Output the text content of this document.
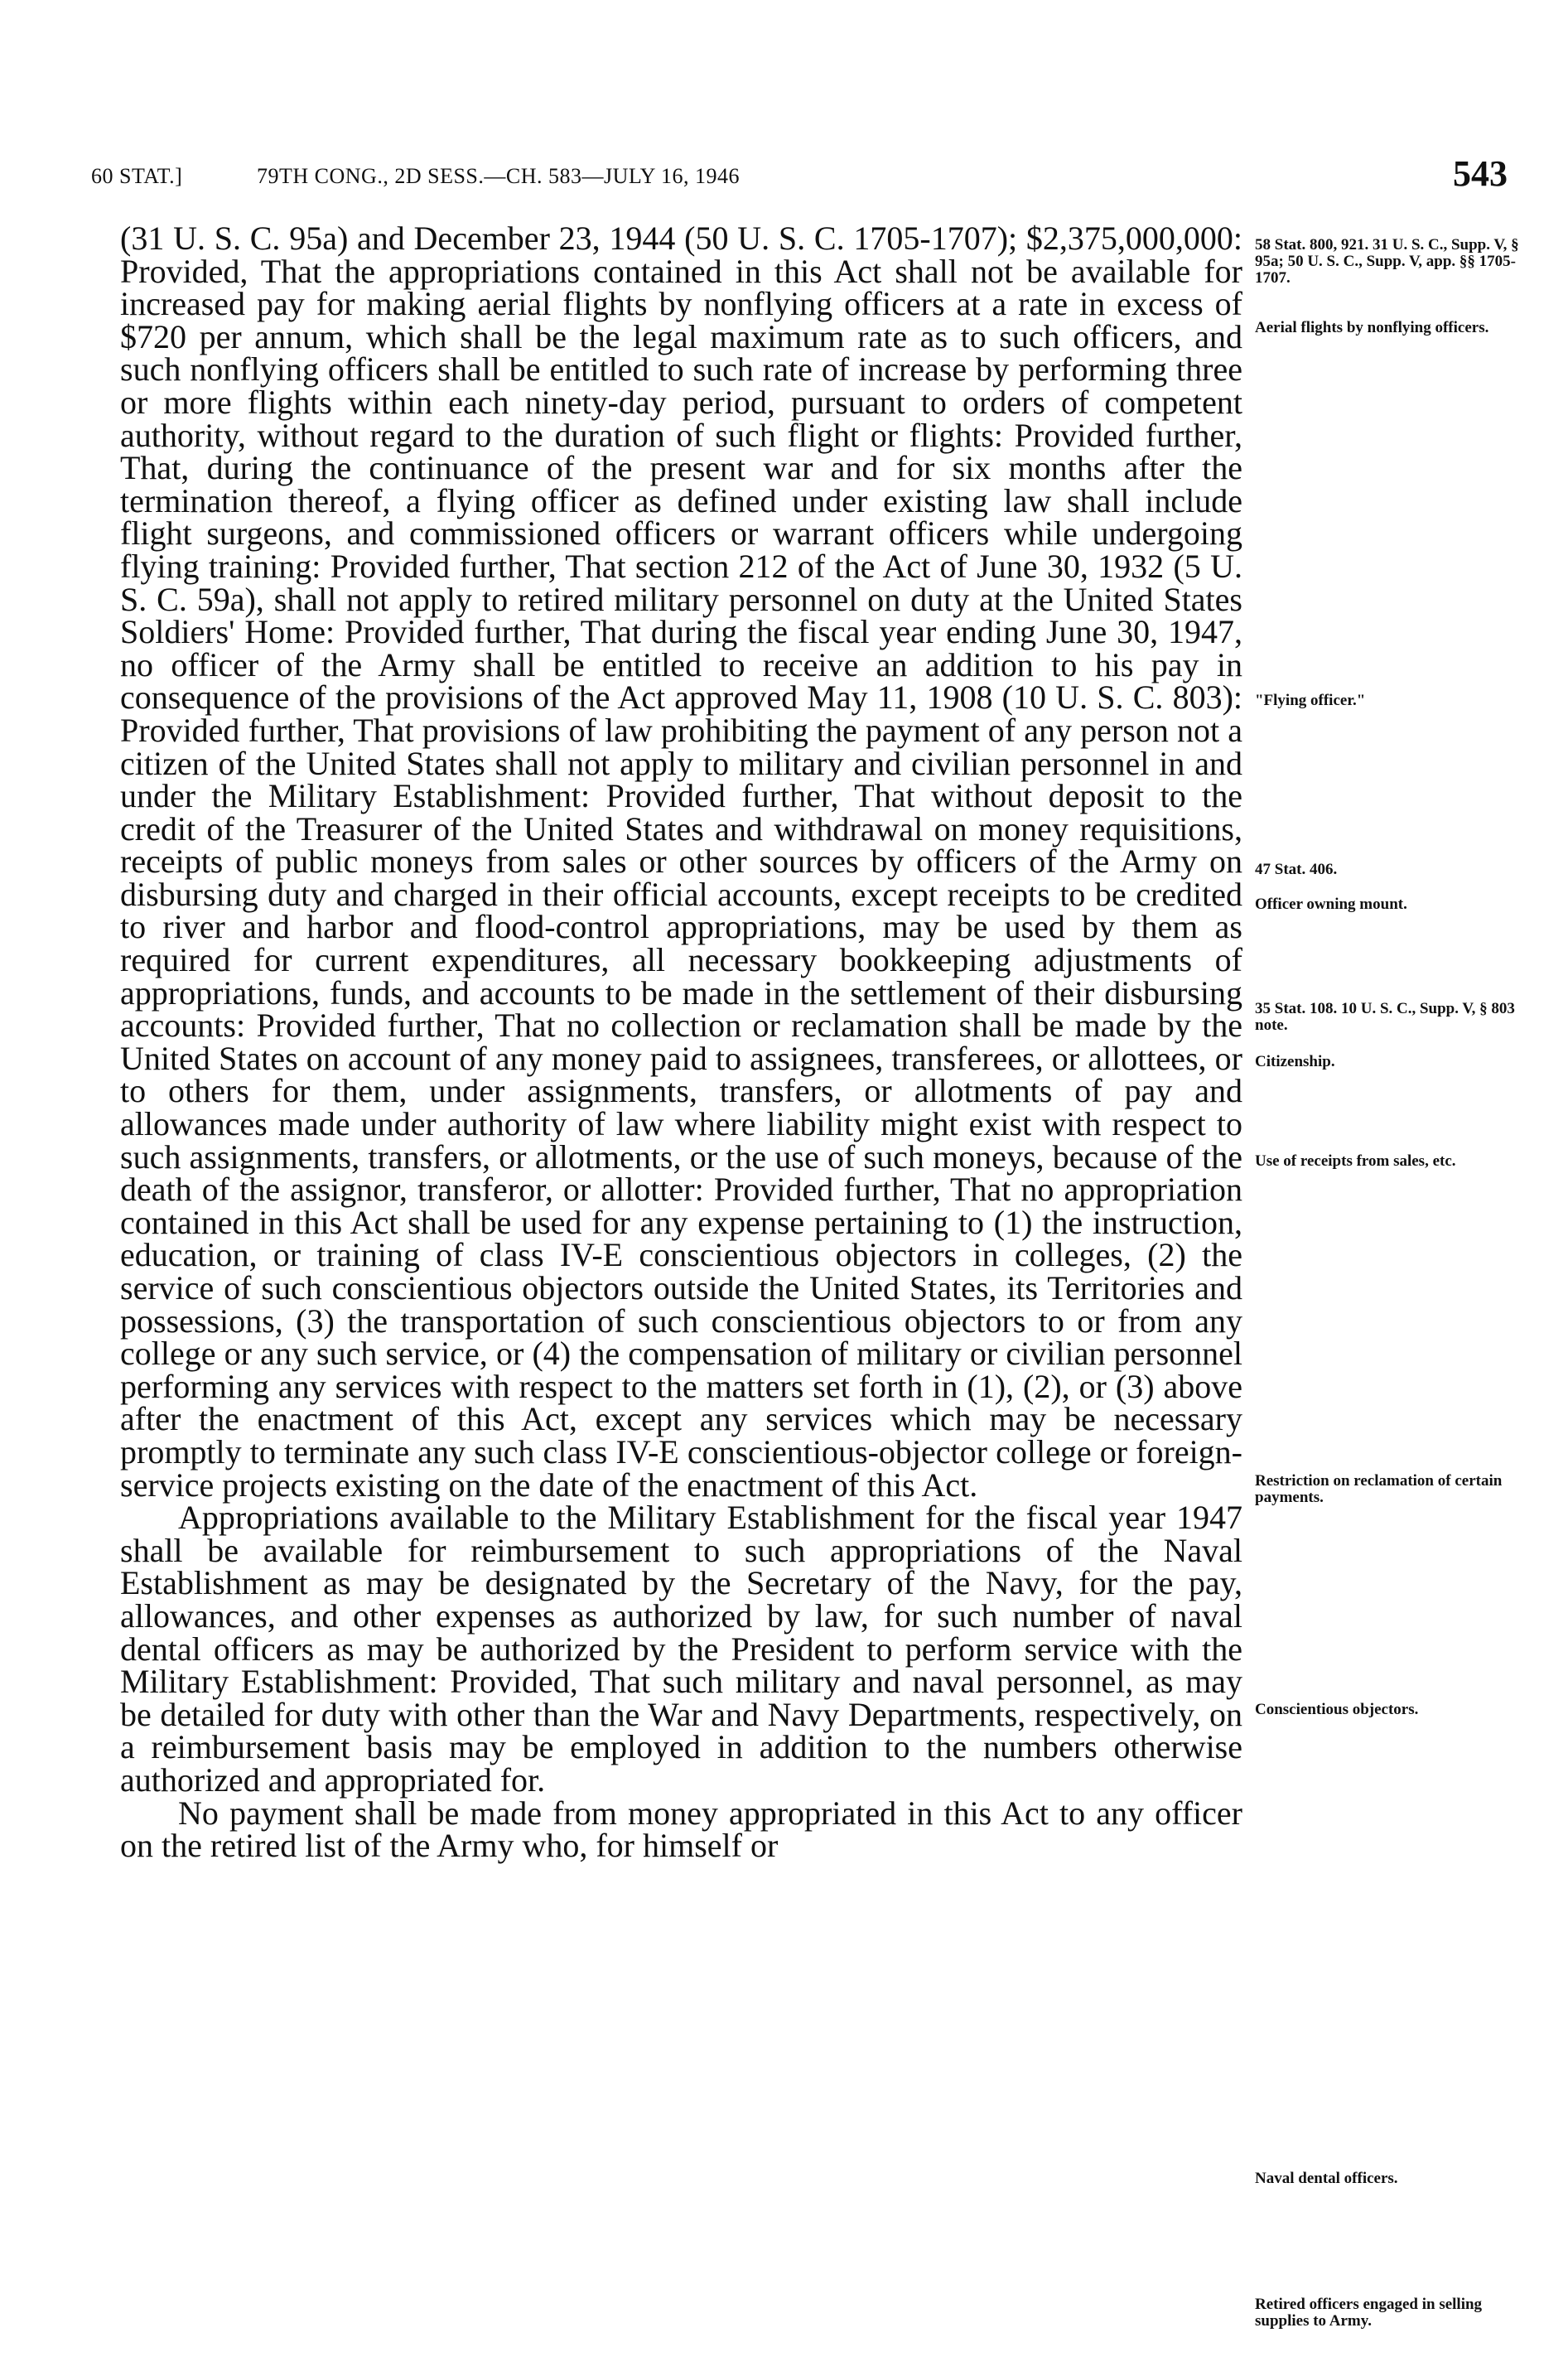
60 STAT.]	79TH CONG., 2D SESS.—CH. 583—JULY 16, 1946	543

(31 U. S. C. 95a) and December 23, 1944 (50 U. S. C. 1705-1707); $2,375,000,000: Provided, That the appropriations contained in this Act shall not be available for increased pay for making aerial flights by nonflying officers at a rate in excess of $720 per annum, which shall be the legal maximum rate as to such officers, and such nonflying officers shall be entitled to such rate of increase by performing three or more flights within each ninety-day period, pursuant to orders of competent authority, without regard to the duration of such flight or flights: Provided further, That, during the continuance of the present war and for six months after the termination thereof, a flying officer as defined under existing law shall include flight surgeons, and commissioned officers or warrant officers while undergoing flying training: Provided further, That section 212 of the Act of June 30, 1932 (5 U. S. C. 59a), shall not apply to retired military personnel on duty at the United States Soldiers' Home: Provided further, That during the fiscal year ending June 30, 1947, no officer of the Army shall be entitled to receive an addition to his pay in consequence of the provisions of the Act approved May 11, 1908 (10 U. S. C. 803): Provided further, That provisions of law prohibiting the payment of any person not a citizen of the United States shall not apply to military and civilian personnel in and under the Military Establishment: Provided further, That without deposit to the credit of the Treasurer of the United States and withdrawal on money requisitions, receipts of public moneys from sales or other sources by officers of the Army on disbursing duty and charged in their official accounts, except receipts to be credited to river and harbor and flood-control appropriations, may be used by them as required for current expenditures, all necessary bookkeeping adjustments of appropriations, funds, and accounts to be made in the settlement of their disbursing accounts: Provided further, That no collection or reclamation shall be made by the United States on account of any money paid to assignees, transferees, or allottees, or to others for them, under assignments, transfers, or allotments of pay and allowances made under authority of law where liability might exist with respect to such assignments, transfers, or allotments, or the use of such moneys, because of the death of the assignor, transferor, or allotter: Provided further, That no appropriation contained in this Act shall be used for any expense pertaining to (1) the instruction, education, or training of class IV-E conscientious objectors in colleges, (2) the service of such conscientious objectors outside the United States, its Territories and possessions, (3) the transportation of such conscientious objectors to or from any college or any such service, or (4) the compensation of military or civilian personnel performing any services with respect to the matters set forth in (1), (2), or (3) above after the enactment of this Act, except any services which may be necessary promptly to terminate any such class IV-E conscientious-objector college or foreign-service projects existing on the date of the enactment of this Act.

Appropriations available to the Military Establishment for the fiscal year 1947 shall be available for reimbursement to such appropriations of the Naval Establishment as may be designated by the Secretary of the Navy, for the pay, allowances, and other expenses as authorized by law, for such number of naval dental officers as may be authorized by the President to perform service with the Military Establishment: Provided, That such military and naval personnel, as may be detailed for duty with other than the War and Navy Departments, respectively, on a reimbursement basis may be employed in addition to the numbers otherwise authorized and appropriated for.

No payment shall be made from money appropriated in this Act to any officer on the retired list of the Army who, for himself or

58 Stat. 800, 921. 31 U. S. C., Supp. V, § 95a; 50 U. S. C., Supp. V, app. §§ 1705-1707.
Aerial flights by nonflying officers.
"Flying officer."
47 Stat. 406.
Officer owning mount.
35 Stat. 108. 10 U. S. C., Supp. V, § 803 note.
Citizenship.
Use of receipts from sales, etc.
Restriction on reclamation of certain payments.
Conscientious objectors.
Naval dental officers.
Retired officers engaged in selling supplies to Army.
